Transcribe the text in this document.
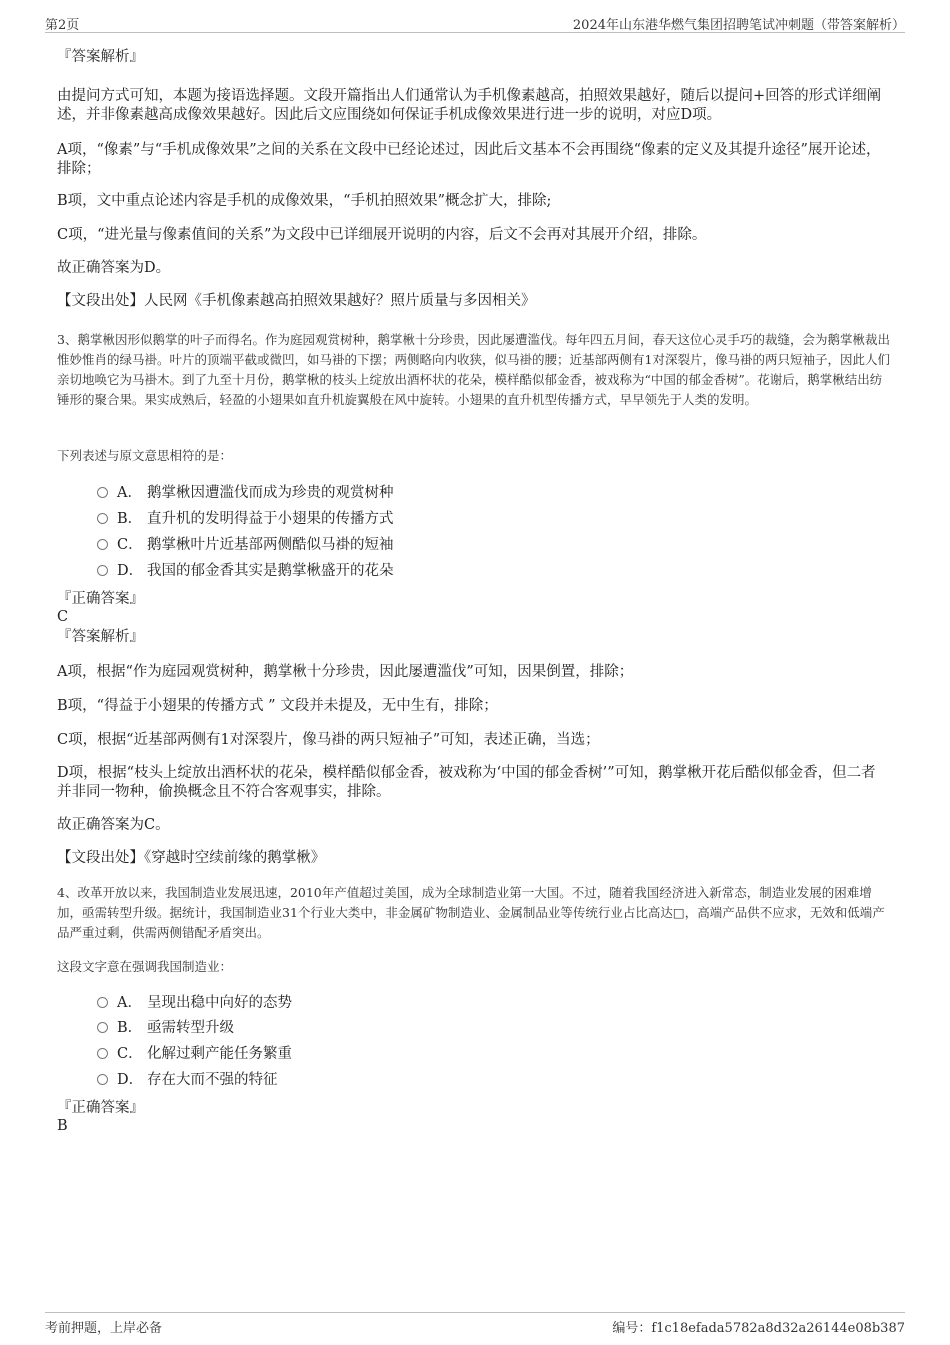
第2页	2024年山东港华燃气集团招聘笔试冲刺题（带答案解析）
『答案解析』
由提问方式可知，本题为接语选择题。文段开篇指出人们通常认为手机像素越高，拍照效果越好，随后以提问+回答的形式详细阐述，并非像素越高成像效果越好。因此后文应围绕如何保证手机成像效果进行进一步的说明，对应D项。
A项，“像素”与“手机成像效果”之间的关系在文段中已经论述过，因此后文基本不会再围绕“像素的定义及其提升途径”展开论述，排除；
B项，文中重点论述内容是手机的成像效果，“手机拍照效果”概念扩大，排除;
C项，“进光量与像素值间的关系”为文段中已详细展开说明的内容，后文不会再对其展开介绍，排除。
故正确答案为D。
【文段出处】人民网《手机像素越高拍照效果越好？照片质量与多因相关》
3、鹅掌楸因形似鹅掌的叶子而得名。作为庭园观赏树种，鹅掌楸十分珍贵，因此屡遭滥伐。每年四五月间，春天这位心灵手巧的裁缝，会为鹅掌楸裁出惟妙惟肖的绿马褂。叶片的顶端平截或微凹，如马褂的下摆；两侧略向内收狭，似马褂的腰；近基部两侧有1对深裂片，像马褂的两只短袖子，因此人们亲切地唤它为马褂木。到了九至十月份，鹅掌楸的枝头上绽放出酒杯状的花朵，模样酷似郁金香，被戏称为“中国的郁金香树”。花谢后，鹅掌楸结出纺锤形的聚合果。果实成熟后，轻盈的小翅果如直升机旋翼般在风中旋转。小翅果的直升机型传播方式，早早领先于人类的发明。
下列表述与原文意思相符的是：
A． 鹅掌楸因遭滥伐而成为珍贵的观赏树种
B． 直升机的发明得益于小翅果的传播方式
C． 鹅掌楸叶片近基部两侧酷似马褂的短袖
D． 我国的郁金香其实是鹅掌楸盛开的花朵
『正确答案』
C
『答案解析』
A项，根据“作为庭园观赏树种，鹅掌楸十分珍贵，因此屡遭滥伐”可知，因果倒置，排除；
B项，“得益于小翅果的传播方式 ” 文段并未提及，无中生有，排除；
C项，根据“近基部两侧有1对深裂片，像马褂的两只短袖子”可知，表述正确，当选；
D项，根据“枝头上绽放出酒杯状的花朵，模样酷似郁金香，被戏称为‘中国的郁金香树’”可知，鹅掌楸开花后酷似郁金香，但二者并非同一物种，偷换概念且不符合客观事实，排除。
故正确答案为C。
【文段出处】《穿越时空续前缘的鹅掌楸》
4、改革开放以来，我国制造业发展迅速，2010年产值超过美国，成为全球制造业第一大国。不过，随着我国经济进入新常态，制造业发展的困难增加，亟需转型升级。据统计，我国制造业31个行业大类中，非金属矿物制造业、金属制品业等传统行业占比高达□，高端产品供不应求，无效和低端产品严重过剩，供需两侧错配矛盾突出。
这段文字意在强调我国制造业：
A． 呈现出稳中向好的态势
B． 亟需转型升级
C． 化解过剩产能任务繁重
D． 存在大而不强的特征
『正确答案』
B
考前押题，上岸必备	编号：f1c18efada5782a8d32a26144e08b387
